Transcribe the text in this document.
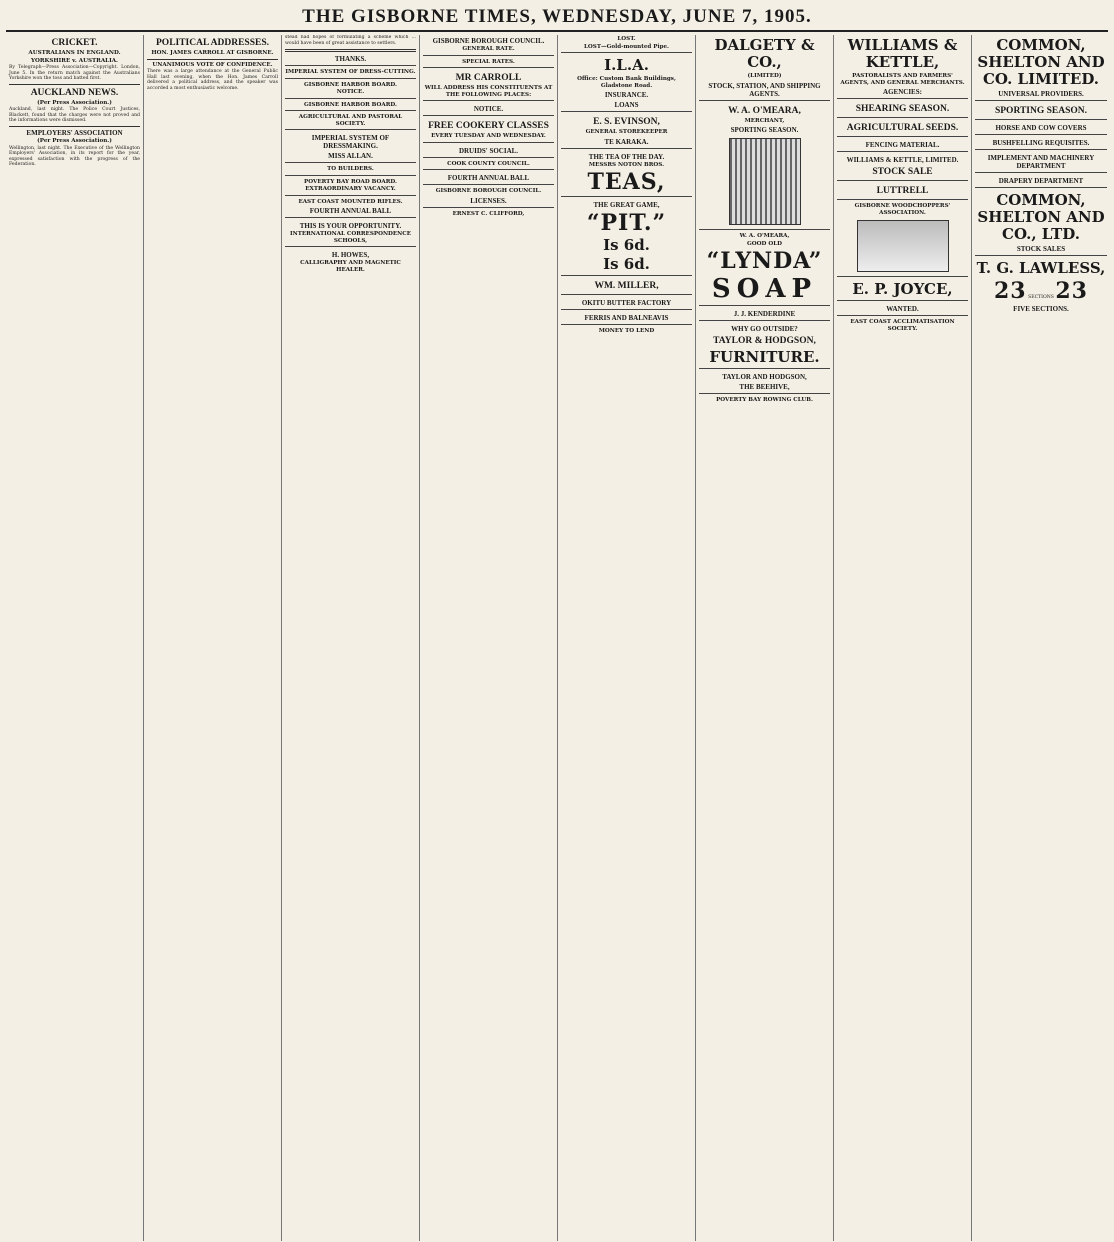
THE GISBORNE TIMES, WEDNESDAY, JUNE 7, 1905.
CRICKET.
AUSTRALIANS IN ENGLAND.
YORKSHIRE v. AUSTRALIA.

By Telegraph—Press Association—Copyright. London, June 5. In the return match against the Australians Yorkshire won the toss and batted first.

AUCKLAND NEWS.
(Per Press Association.)

Auckland, last night. The Police Court Justices, Blackett, found that the charges were not proved and the informations were dismissed.

EMPLOYERS' ASSOCIATION
(Per Press Association.)

Wellington, last night. The Executive of the Wellington Employers' Association, in its report for the year, expressed satisfaction with the progress of the Federation.

POLITICAL ADDRESSES.
HON. JAMES CARROLL AT GISBORNE.
UNANIMOUS VOTE OF CONFIDENCE.

There was a large attendance at the General Public Hall last evening, when the Hon. James Carroll delivered a political address, and the speaker was accorded a most enthusiastic welcome.

stead had hopes of formulating a scheme which ... would have been of great assistance to settlers.

THANKS.
IMPERIAL SYSTEM OF DRESS-CUTTING.
GISBORNE HARBOR BOARD.
NOTICE.
GISBORNE HARBOR BOARD.
AGRICULTURAL AND PASTORAL SOCIETY.
IMPERIAL SYSTEM OF DRESSMAKING.
MISS ALLAN.
TO BUILDERS.
POVERTY BAY ROAD BOARD.
EXTRAORDINARY VACANCY.
EAST COAST MOUNTED RIFLES.
FOURTH ANNUAL BALL
THIS IS YOUR OPPORTUNITY.
INTERNATIONAL CORRESPONDENCE SCHOOLS,
H. HOWES,
CALLIGRAPHY AND MAGNETIC HEALER.
GISBORNE BOROUGH COUNCIL.
GENERAL RATE.
SPECIAL RATES.
MR CARROLL
WILL ADDRESS HIS CONSTITUENTS AT THE FOLLOWING PLACES:
NOTICE.
FREE COOKERY CLASSES
EVERY TUESDAY AND WEDNESDAY.
DRUIDS' SOCIAL.
COOK COUNTY COUNCIL.
FOURTH ANNUAL BALL
GISBORNE BOROUGH COUNCIL.
LICENSES.
ERNEST C. CLIFFORD,
LOST.
LOST—Gold-mounted Pipe.
I.L.A.
Office: Custom Bank Buildings, Gladstone Road.
INSURANCE.
LOANS
E. S. EVINSON,
GENERAL STOREKEEPER
TE KARAKA.
THE TEA OF THE DAY.
MESSRS NOTON BROS.
TEAS,
THE GREAT GAME,
“PIT.”
Is 6d.
Is 6d.
WM. MILLER,
OKITU BUTTER FACTORY
FERRIS AND BALNEAVIS
MONEY TO LEND
DALGETY & CO.,
(LIMITED)
STOCK, STATION, AND SHIPPING AGENTS.
W. A. O'MEARA,
MERCHANT,
SPORTING SEASON.
W. A. O'MEARA,
GOOD OLD
“LYNDA”
SOAP
J. J. KENDERDINE
WHY GO OUTSIDE?
TAYLOR & HODGSON,
FURNITURE.
TAYLOR AND HODGSON,
THE BEEHIVE,
POVERTY BAY ROWING CLUB.
WILLIAMS & KETTLE,
PASTORALISTS AND FARMERS' AGENTS, AND GENERAL MERCHANTS.
AGENCIES:
SHEARING SEASON.
AGRICULTURAL SEEDS.
FENCING MATERIAL.
WILLIAMS & KETTLE, LIMITED.
STOCK SALE
LUTTRELL
GISBORNE WOODCHOPPERS' ASSOCIATION.
E. P. JOYCE,
WANTED.
EAST COAST ACCLIMATISATION SOCIETY.
COMMON, SHELTON AND CO. LIMITED.
UNIVERSAL PROVIDERS.
SPORTING SEASON.
HORSE AND COW COVERS
BUSHFELLING REQUISITES.
IMPLEMENT AND MACHINERY DEPARTMENT
DRAPERY DEPARTMENT
COMMON, SHELTON AND CO., LTD.
STOCK SALES
T. G. LAWLESS,
23 SECTIONS 23
FIVE SECTIONS.
